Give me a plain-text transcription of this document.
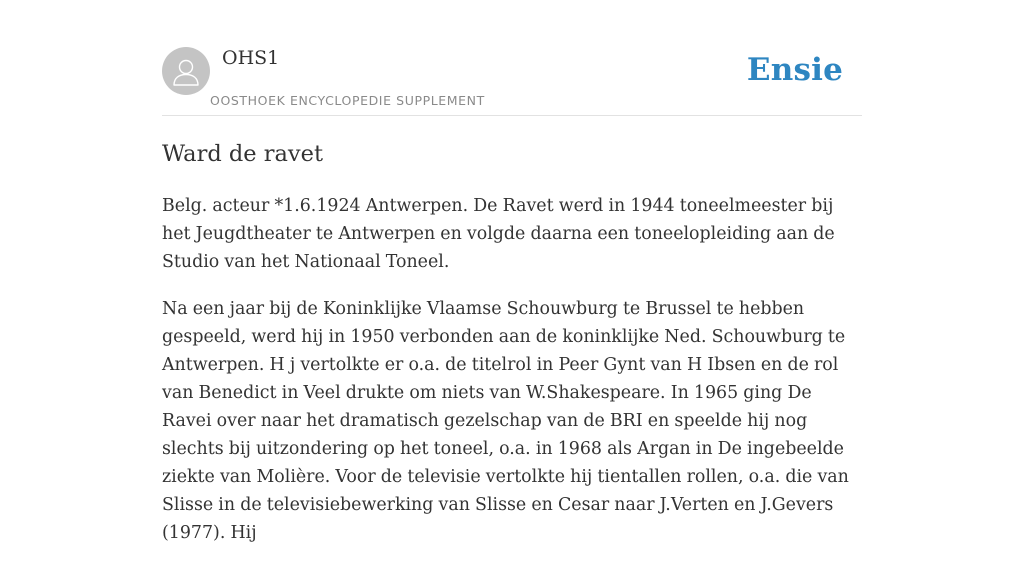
OHS1
OOSTHOEK ENCYCLOPEDIE SUPPLEMENT
Ensie
Ward de ravet

Belg. acteur *1.6.1924 Antwerpen. De Ravet werd in 1944 toneelmeester bij het Jeugdtheater te Antwerpen en volgde daarna een toneelopleiding aan de Studio van het Nationaal Toneel.

Na een jaar bij de Koninklijke Vlaamse Schouwburg te Brussel te hebben gespeeld, werd hij in 1950 verbonden aan de koninklijke Ned. Schouwburg te Antwerpen. H j vertolkte er o.a. de titelrol in Peer Gynt van H Ibsen en de rol van Benedict in Veel drukte om niets van W.Shakespeare. In 1965 ging De Ravei over naar het dramatisch gezelschap van de BRI en speelde hij nog slechts bij uitzondering op het toneel, o.a. in 1968 als Argan in De ingebeelde ziekte van Molière. Voor de televisie vertolkte hij tientallen rollen, o.a. die van Slisse in de televisiebewerking van Slisse en Cesar naar J.Verten en J.Gevers (1977). Hij
